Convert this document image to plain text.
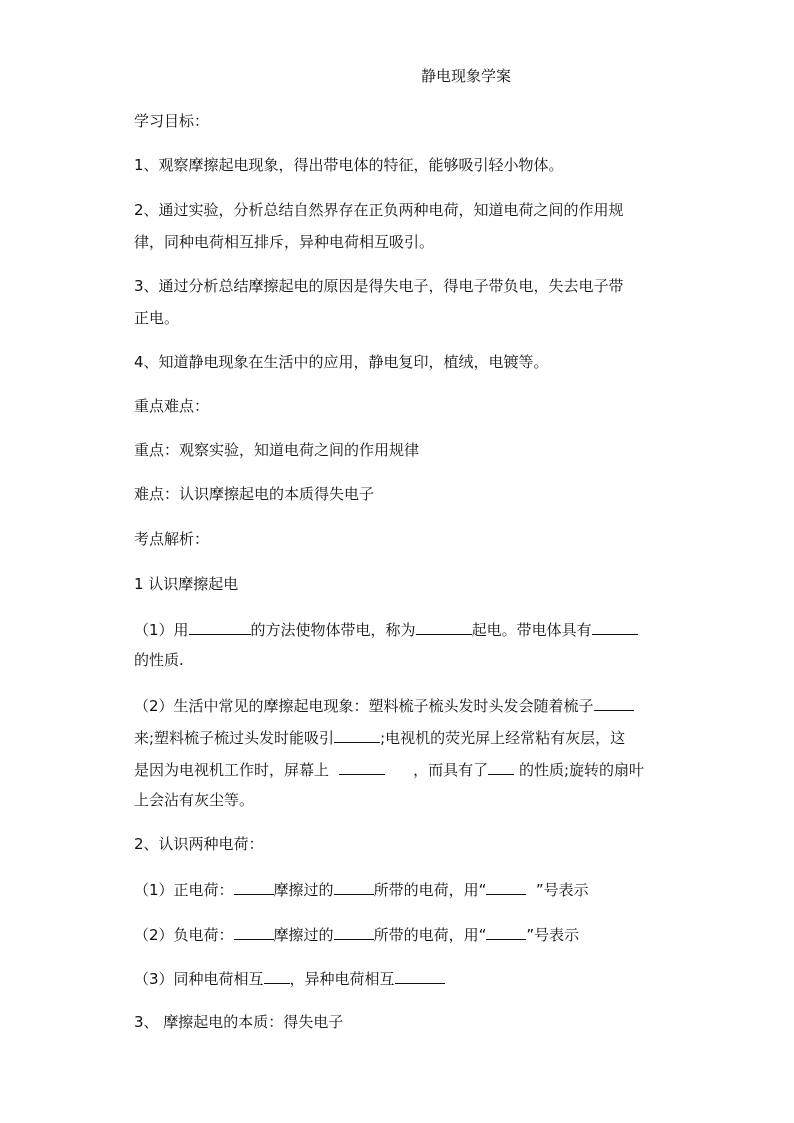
静电现象学案
学习目标：
1、观察摩擦起电现象，得出带电体的特征，能够吸引轻小物体。
2、通过实验，分析总结自然界存在正负两种电荷，知道电荷之间的作用规
律，同种电荷相互排斥，异种电荷相互吸引。
3、通过分析总结摩擦起电的原因是得失电子，得电子带负电，失去电子带
正电。
4、知道静电现象在生活中的应用，静电复印，植绒，电镀等。
重点难点：
重点：观察实验，知道电荷之间的作用规律
难点：认识摩擦起电的本质得失电子
考点解析：
1 认识摩擦起电
（1）用	的方法使物体带电，称为	起电。带电体具有
的性质.
（2）生活中常见的摩擦起电现象：塑料梳子梳头发时头发会随着梳子
来;塑料梳子梳过头发时能吸引	;电视机的荧光屏上经常粘有灰层，这
是因为电视机工作时，屏幕上	，而具有了 的性质;旋转的扇叶
上会沾有灰尘等。
2、认识两种电荷：
（1）正电荷：	摩擦过的	所带的电荷，用“	”号表示
（2）负电荷：	摩擦过的	所带的电荷，用“	”号表示
（3）同种电荷相互 ，异种电荷相互
3、 摩擦起电的本质：得失电子
